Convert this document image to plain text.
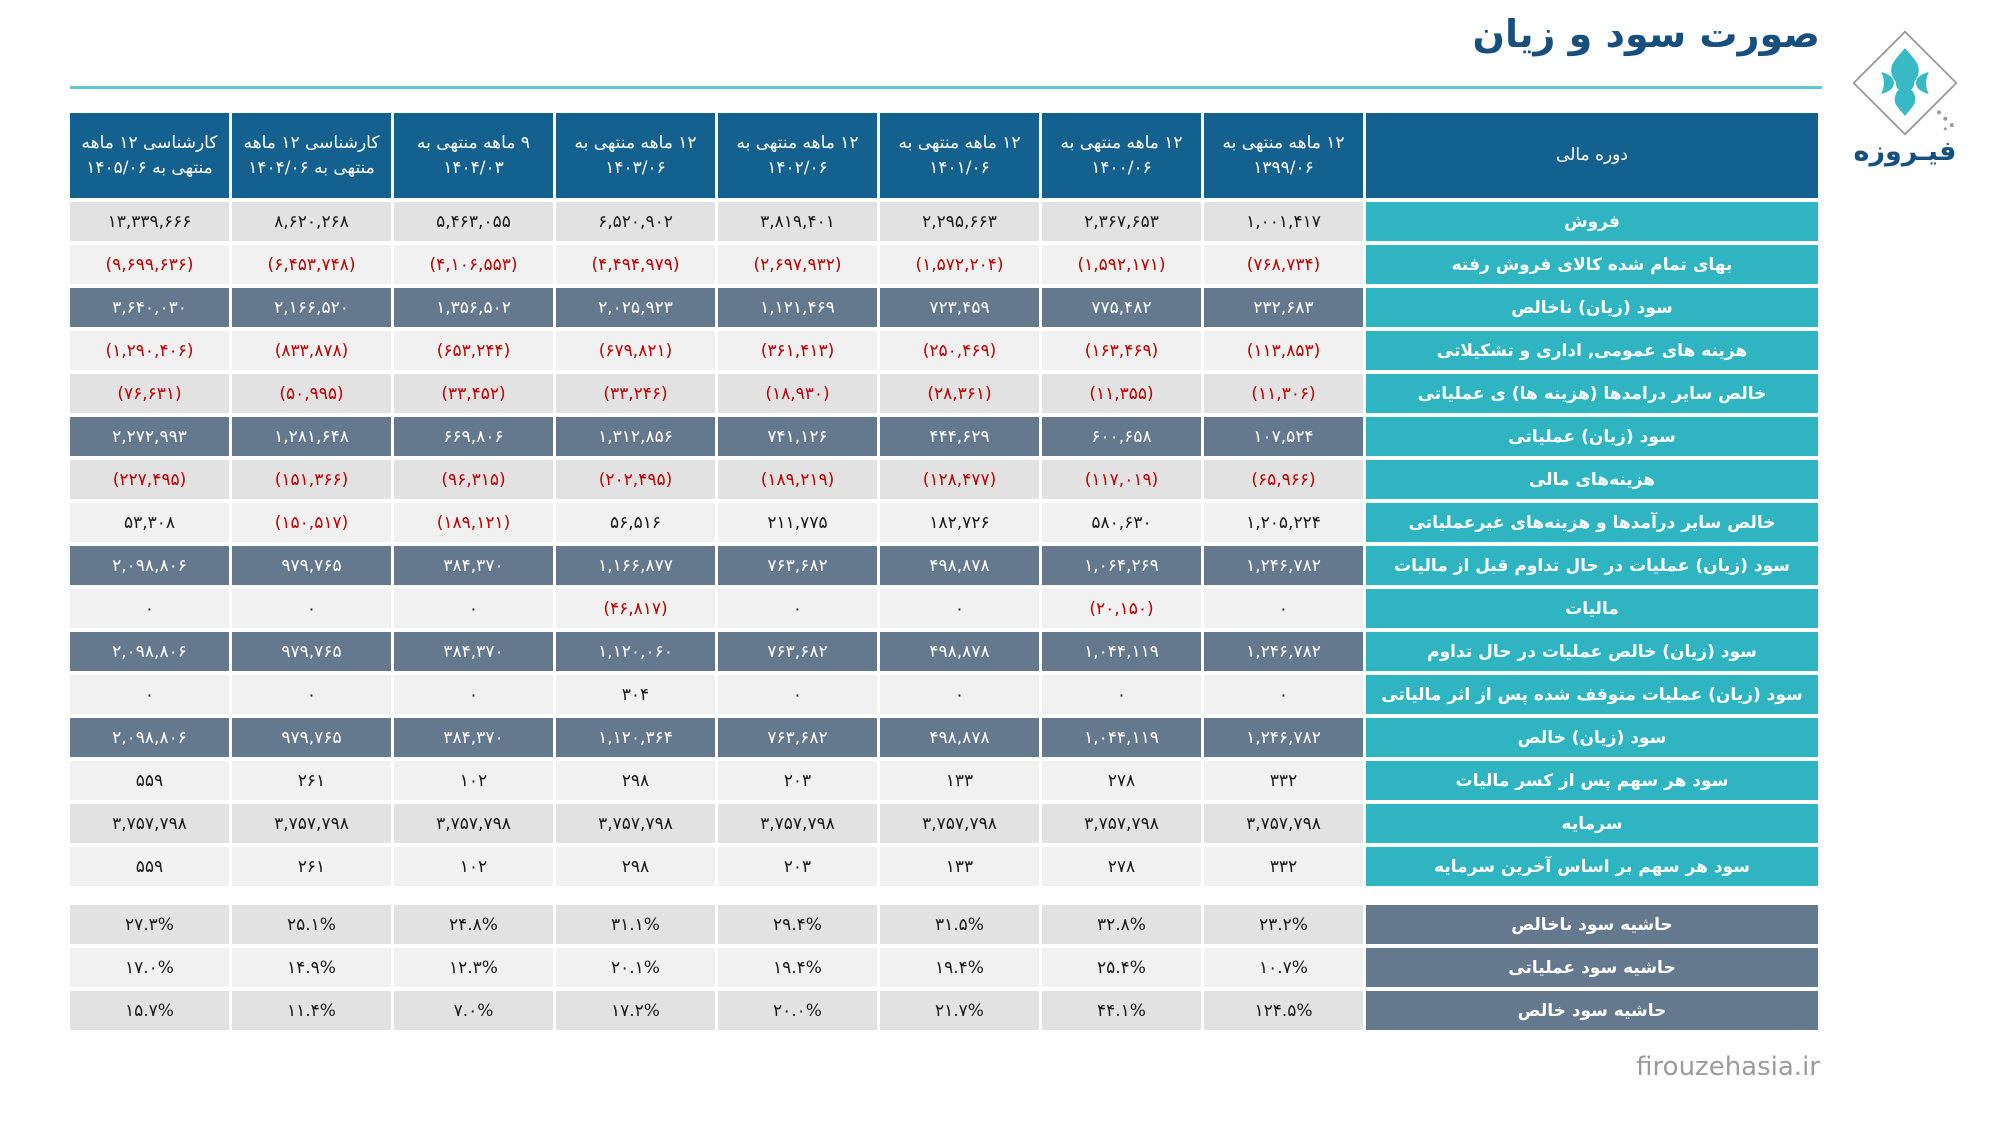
صورت سود و زیان
فیـروزه
دوره مالی
۱۲ ماهه منتهی به
۱۳۹۹/۰۶
۱۲ ماهه منتهی به
۱۴۰۰/۰۶
۱۲ ماهه منتهی به
۱۴۰۱/۰۶
۱۲ ماهه منتهی به
۱۴۰۲/۰۶
۱۲ ماهه منتهی به
۱۴۰۳/۰۶
۹ ماهه منتهی به
۱۴۰۴/۰۳
کارشناسی ۱۲ ماهه
منتهی به ۱۴۰۴/۰۶
کارشناسی ۱۲ ماهه
منتهی به ۱۴۰۵/۰۶
فروش
۱,۰۰۱,۴۱۷
۲,۳۶۷,۶۵۳
۲,۲۹۵,۶۶۳
۳,۸۱۹,۴۰۱
۶,۵۲۰,۹۰۲
۵,۴۶۳,۰۵۵
۸,۶۲۰,۲۶۸
۱۳,۳۳۹,۶۶۶
بهای تمام شده کالای فروش رفته
(۷۶۸,۷۳۴)
(۱,۵۹۲,۱۷۱)
(۱,۵۷۲,۲۰۴)
(۲,۶۹۷,۹۳۲)
(۴,۴۹۴,۹۷۹)
(۴,۱۰۶,۵۵۳)
(۶,۴۵۳,۷۴۸)
(۹,۶۹۹,۶۳۶)
سود (زیان) ناخالص
۲۳۲,۶۸۳
۷۷۵,۴۸۲
۷۲۳,۴۵۹
۱,۱۲۱,۴۶۹
۲,۰۲۵,۹۲۳
۱,۳۵۶,۵۰۲
۲,۱۶۶,۵۲۰
۳,۶۴۰,۰۳۰
هزینه های عمومی, اداری و تشکیلاتی
(۱۱۳,۸۵۳)
(۱۶۳,۴۶۹)
(۲۵۰,۴۶۹)
(۳۶۱,۴۱۳)
(۶۷۹,۸۲۱)
(۶۵۳,۲۴۴)
(۸۳۳,۸۷۸)
(۱,۲۹۰,۴۰۶)
خالص سایر درامدها (هزینه ها) ی عملیاتی
(۱۱,۳۰۶)
(۱۱,۳۵۵)
(۲۸,۳۶۱)
(۱۸,۹۳۰)
(۳۳,۲۴۶)
(۳۳,۴۵۲)
(۵۰,۹۹۵)
(۷۶,۶۳۱)
سود (زیان) عملیاتی
۱۰۷,۵۲۴
۶۰۰,۶۵۸
۴۴۴,۶۲۹
۷۴۱,۱۲۶
۱,۳۱۲,۸۵۶
۶۶۹,۸۰۶
۱,۲۸۱,۶۴۸
۲,۲۷۲,۹۹۳
هزینه‌های مالی
(۶۵,۹۶۶)
(۱۱۷,۰۱۹)
(۱۲۸,۴۷۷)
(۱۸۹,۲۱۹)
(۲۰۲,۴۹۵)
(۹۶,۳۱۵)
(۱۵۱,۳۶۶)
(۲۲۷,۴۹۵)
خالص سایر درآمدها و هزینه‌های غیرعملیاتی
۱,۲۰۵,۲۲۴
۵۸۰,۶۳۰
۱۸۲,۷۲۶
۲۱۱,۷۷۵
۵۶,۵۱۶
(۱۸۹,۱۲۱)
(۱۵۰,۵۱۷)
۵۳,۳۰۸
سود (زیان) عملیات در حال تداوم قبل از مالیات
۱,۲۴۶,۷۸۲
۱,۰۶۴,۲۶۹
۴۹۸,۸۷۸
۷۶۳,۶۸۲
۱,۱۶۶,۸۷۷
۳۸۴,۳۷۰
۹۷۹,۷۶۵
۲,۰۹۸,۸۰۶
مالیات
۰
(۲۰,۱۵۰)
۰
۰
(۴۶,۸۱۷)
۰
۰
۰
سود (زیان) خالص عملیات در حال تداوم
۱,۲۴۶,۷۸۲
۱,۰۴۴,۱۱۹
۴۹۸,۸۷۸
۷۶۳,۶۸۲
۱,۱۲۰,۰۶۰
۳۸۴,۳۷۰
۹۷۹,۷۶۵
۲,۰۹۸,۸۰۶
سود (زیان) عملیات متوقف شده پس از اثر مالیاتی
۰
۰
۰
۰
۳۰۴
۰
۰
۰
سود (زیان) خالص
۱,۲۴۶,۷۸۲
۱,۰۴۴,۱۱۹
۴۹۸,۸۷۸
۷۶۳,۶۸۲
۱,۱۲۰,۳۶۴
۳۸۴,۳۷۰
۹۷۹,۷۶۵
۲,۰۹۸,۸۰۶
سود هر سهم پس از کسر مالیات
۳۳۲
۲۷۸
۱۳۳
۲۰۳
۲۹۸
۱۰۲
۲۶۱
۵۵۹
سرمایه
۳,۷۵۷,۷۹۸
۳,۷۵۷,۷۹۸
۳,۷۵۷,۷۹۸
۳,۷۵۷,۷۹۸
۳,۷۵۷,۷۹۸
۳,۷۵۷,۷۹۸
۳,۷۵۷,۷۹۸
۳,۷۵۷,۷۹۸
سود هر سهم بر اساس آخرین سرمایه
۳۳۲
۲۷۸
۱۳۳
۲۰۳
۲۹۸
۱۰۲
۲۶۱
۵۵۹
حاشیه سود ناخالص
۲۳.۲%
۳۲.۸%
۳۱.۵%
۲۹.۴%
۳۱.۱%
۲۴.۸%
۲۵.۱%
۲۷.۳%
حاشیه سود عملیاتی
۱۰.۷%
۲۵.۴%
۱۹.۴%
۱۹.۴%
۲۰.۱%
۱۲.۳%
۱۴.۹%
۱۷.۰%
حاشیه سود خالص
۱۲۴.۵%
۴۴.۱%
۲۱.۷%
۲۰.۰%
۱۷.۲%
۷.۰%
۱۱.۴%
۱۵.۷%
firouzehasia.ir
